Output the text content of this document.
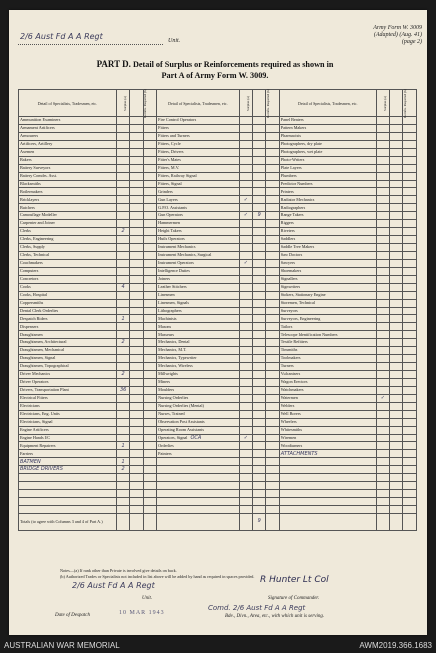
2/6 Aust Fd A A Regt	Unit.
Army Form W. 3009
(Adapted) (Aug. 41)
(page 2)
PART D. Detail of Surplus or Reinforcements required as shown in
Part A of Army Form W. 3009.
Detail of Specialists, Tradesmen, etc.	Surplus (a)	Reinfts. Required (b)		Detail of Specialists, Tradesmen, etc.	Surplus (a)	Reinfts. Required (b)		Detail of Specialists, Tradesmen, etc.	Surplus (a)	Reinfts. Required (b)	
Ammunition Examiners				Fire Control Operators				Panel Beaters			
Armament Artificers				Fitters				Pattern Makers			
Armourers				Fitters and Turners				Pharmacists			
Artificers, Artillery				Fitters, Cycle				Photographers, dry plate			
Axemen				Fitters, Drivers				Photographers, wet plate			
Bakers				Fitter's Mates				Photo-Writers			
Battery Surveyors				Fitters, M.V.				Plate Layers			
Battery Comdrs. Asst.				Fitters, Railway Signal				Plumbers			
Blacksmiths				Fitters, Signal				Predictor Numbers			
Boilermakers				Grinders				Printers			
Bricklayers				Gun Layers	✓			Radiator Mechanics			
Butchers				G.P.O. Assistants				Radiographers			
Camouflage Modeller				Gun Operators	✓	9		Range Takers			
Carpenter and Joiner				Hammermen				Riggers			
Clerks	2			Height Takers				Riveters			
Clerks, Engineering				Hutls Operators				Saddlers			
Clerks, Supply				Instrument Mechanics				Saddle Tree Makers			
Clerks, Technical				Instrument Mechanics, Surgical				Saw Doctors			
Coachmakers				Instrument Operators	✓			Sawyers			
Computers				Intelligence Duties				Shoemakers			
Concretors				Joiners				Signallers			
Cooks	4			Leather Stitchers				Signwriters			
Cooks, Hospital				Linesmen				Stokers, Stationary Engine			
Coppersmiths				Linesmen, Signals				Storemen, Technical			
Dental Clerk Orderlies				Lithographers				Surveyors			
Despatch Riders	1			Machinists				Surveyors, Engineering			
Dispensers				Masons				Tailors			
Draughtsmen				Masseurs				Telescope Identification Numbers			
Draughtsmen, Architectural	2			Mechanics, Dental				Textile Refitters			
Draughtsmen, Mechanical				Mechanics, M.T.				Tinsmiths			
Draughtsmen, Signal				Mechanics, Typewriter				Toolmakers			
Draughtsmen, Topographical				Mechanics, Wireless				Turners			
Driver Mechanics	2			Millwrights				Vulcanisers			
Driver Operators				Miners				Wagon Erectors			
Drivers, Transportation Plant	36			Moulders				Watchmakers			
Electrical Fitters				Nursing Orderlies				Watermen	✓		
Electricians				Nursing Orderlies (Mental)				Welders			
Electricians, Eng. Units				Nurses, Trained				Well Borers			
Electricians, Signal				Observation Post Assistants				Wheelers			
Engine Artificers				Operating Room Assistants				Whitesmiths			
Engine Hands I/C				Operators, Signal OCA	✓			Wiremen			
Equipment Repairers	1			Orderlies				Woodturners			
Farriers				Painters				ATTACHMENTS			
BATMEN	1										
BRIDGE DRIVERS	2										

Totals (to agree with Columns 3 and 4 of Part A.)						9					
Notes—(a) If rank other than Private is involved give details on back.
(b) Authorized Trades or Specialists not included in list above will be added by hand as required in spaces provided.
2/6 Aust Fd A A Regt
Unit.
Date of Despatch	10 MAR 1943
R Hunter Lt Col
Signature of Commander.
Comd. 2/6 Aust Fd A A Regt
Bde., Divn., Area, etc., with which unit is serving.
AUSTRALIAN WAR MEMORIAL	AWM2019.366.1683
